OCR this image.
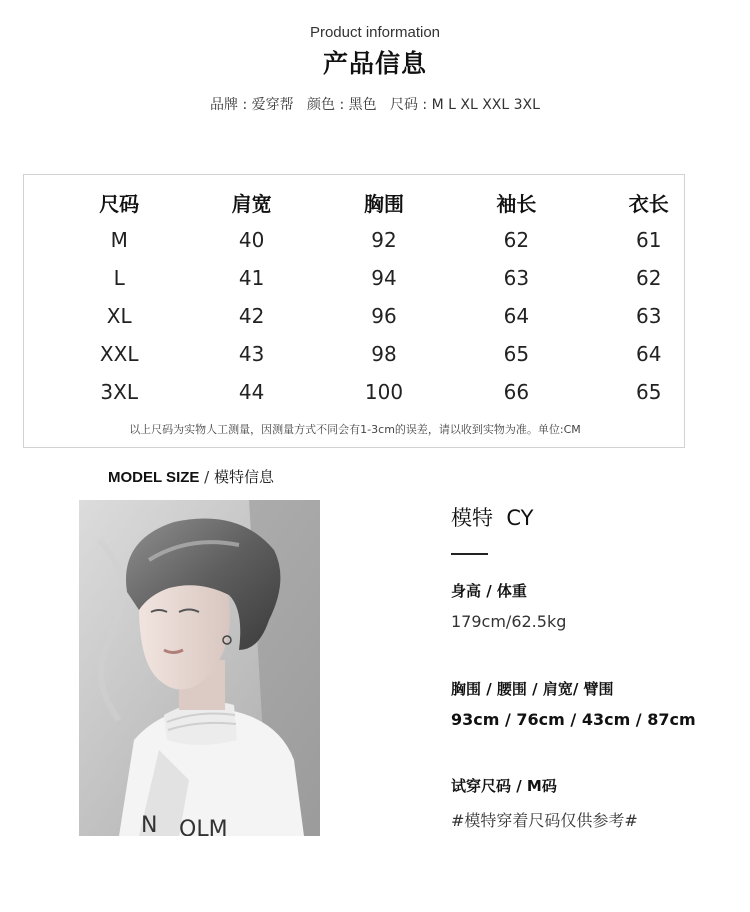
Product information
产品信息
品牌 : 爱穿帮   颜色 : 黑色   尺码 : M L XL XXL 3XL
尺码	肩宽	胸围	袖长	衣长
M	40	92	62	61
L	41	94	63	62
XL	42	96	64	63
XXL	43	98	65	64
3XL	44	100	66	65
以上尺码为实物人工测量，因测量方式不同会有1-3cm的误差，请以收到实物为准。单位:CM
MODEL SIZE / 模特信息
N OLM
模特  CY
身高 / 体重
179cm/62.5kg
胸围 / 腰围 / 肩宽/ 臂围
93cm / 76cm / 43cm / 87cm
试穿尺码 / M码
#模特穿着尺码仅供参考#
